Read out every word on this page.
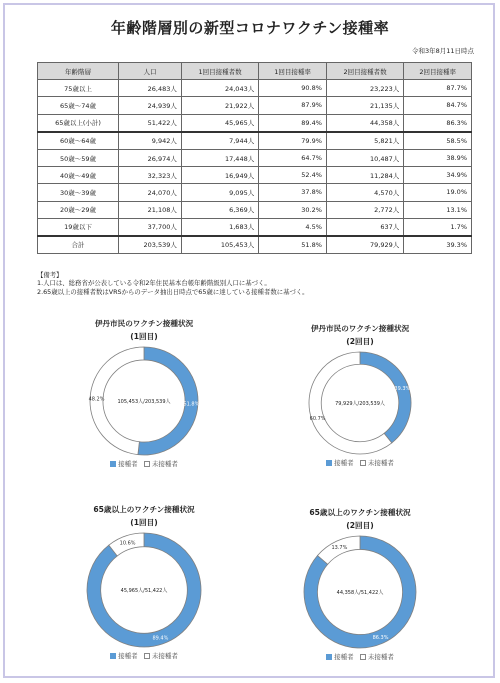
年齢階層別の新型コロナワクチン接種率
令和3年8月11日時点
年齢階層	人口	1回目接種者数	1回目接種率	2回目接種者数	2回目接種率
75歳以上	26,483人	24,043人	90.8%	23,223人	87.7%
65歳～74歳	24,939人	21,922人	87.9%	21,135人	84.7%
65歳以上(小計)	51,422人	45,965人	89.4%	44,358人	86.3%
60歳～64歳	9,942人	7,944人	79.9%	5,821人	58.5%
50歳～59歳	26,974人	17,448人	64.7%	10,487人	38.9%
40歳～49歳	32,323人	16,949人	52.4%	11,284人	34.9%
30歳～39歳	24,070人	9,095人	37.8%	4,570人	19.0%
20歳～29歳	21,108人	6,369人	30.2%	2,772人	13.1%
19歳以下	37,700人	1,683人	4.5%	637人	1.7%
合計	203,539人	105,453人	51.8%	79,929人	39.3%
【備考】
1.人口は、総務省が公表している令和2年住民基本台帳年齢階級別人口に基づく。
2.65歳以上の接種者数はVRSからのデータ抽出日時点で65歳に達している接種者数に基づく。
伊丹市民のワクチン接種状況
(1回目)
51.8%
48.2%	105,453人/203,539人
接種者 未接種者
伊丹市民のワクチン接種状況
(2回目)
39.3%
60.7%
79,929人/203,539人
接種者 未接種者
65歳以上のワクチン接種状況
(1回目)
89.4%
10.6%
45,965人/51,422人
接種者 未接種者
65歳以上のワクチン接種状況
(2回目)
86.3%
13.7%
44,358人/51,422人
接種者 未接種者
